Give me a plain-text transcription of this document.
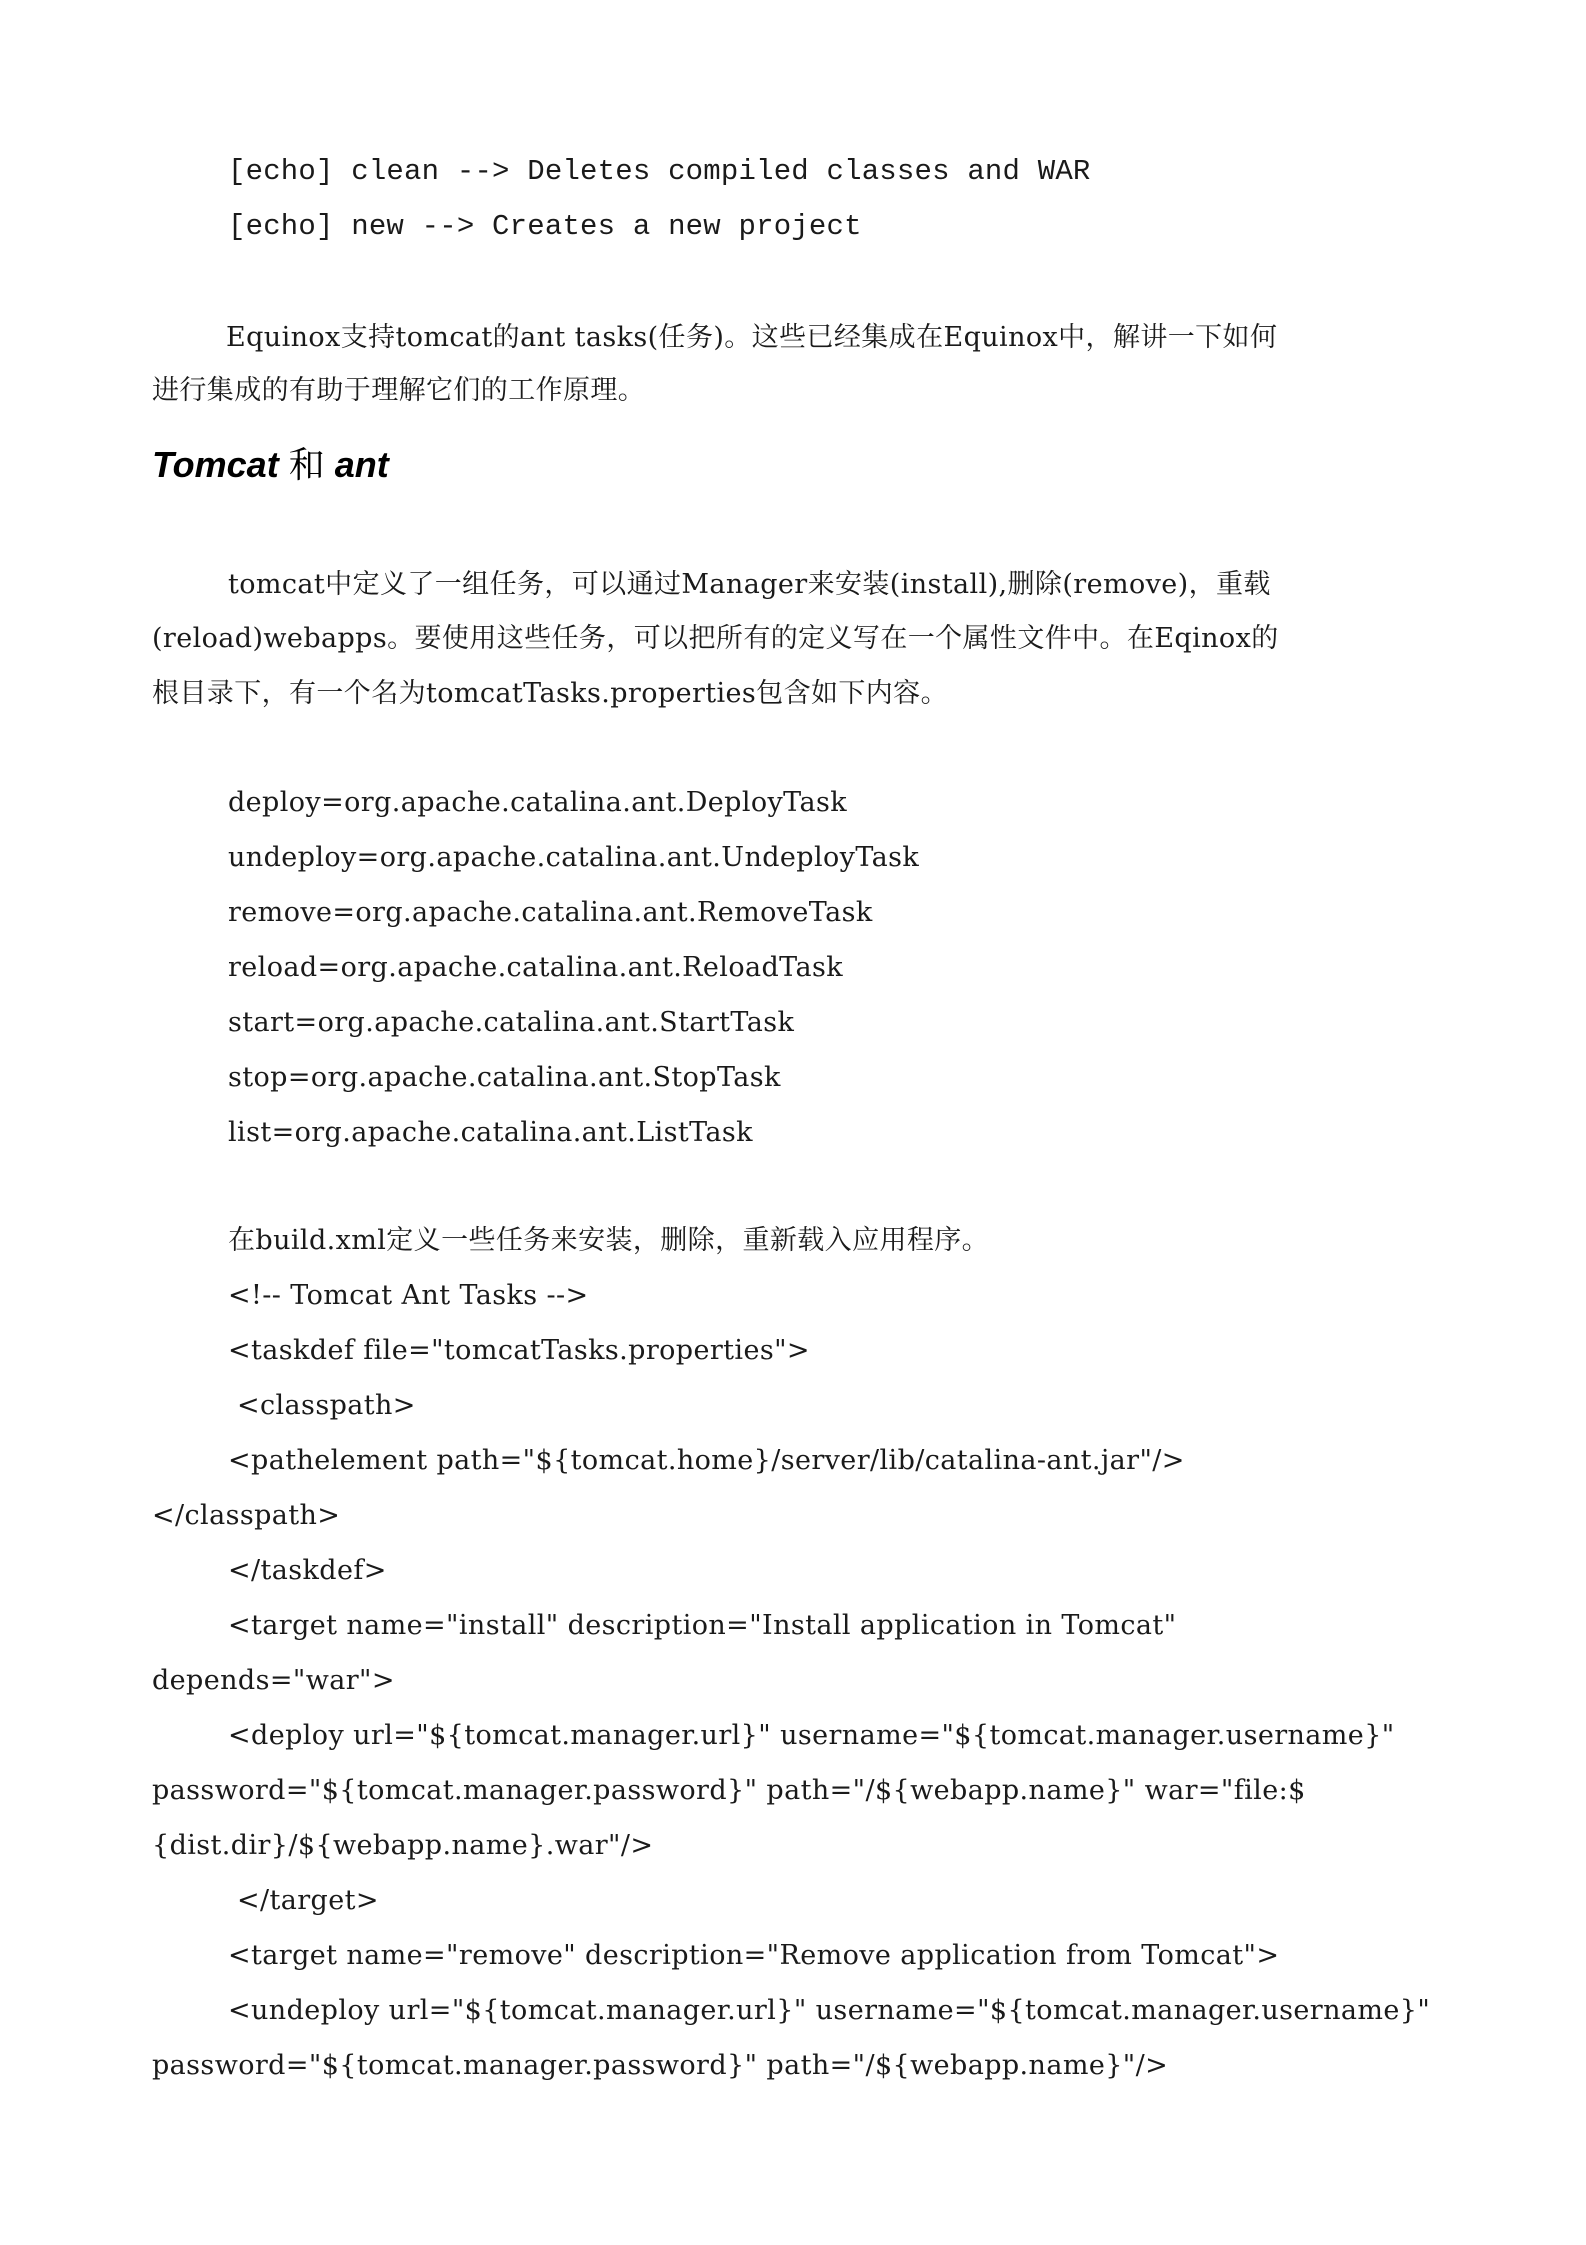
[echo] clean --> Deletes compiled classes and WAR
[echo] new --> Creates a new project
Equinox支持tomcat的ant tasks(任务)。这些已经集成在Equinox中，解讲一下如何
进行集成的有助于理解它们的工作原理。
Tomcat 和 ant
tomcat中定义了一组任务，可以通过Manager来安装(install),删除(remove)，重载
(reload)webapps。要使用这些任务，可以把所有的定义写在一个属性文件中。在Eqinox的
根目录下，有一个名为tomcatTasks.properties包含如下内容。
deploy=org.apache.catalina.ant.DeployTask
undeploy=org.apache.catalina.ant.UndeployTask
remove=org.apache.catalina.ant.RemoveTask
reload=org.apache.catalina.ant.ReloadTask
start=org.apache.catalina.ant.StartTask
stop=org.apache.catalina.ant.StopTask
list=org.apache.catalina.ant.ListTask
在build.xml定义一些任务来安装，删除，重新载入应用程序。
<!-- Tomcat Ant Tasks -->
<taskdef file="tomcatTasks.properties">
<classpath>
<pathelement path="${tomcat.home}/server/lib/catalina-ant.jar"/>
</classpath>
</taskdef>
<target name="install" description="Install application in Tomcat"
depends="war">
<deploy url="${tomcat.manager.url}" username="${tomcat.manager.username}"
password="${tomcat.manager.password}" path="/${webapp.name}" war="file:$
{dist.dir}/${webapp.name}.war"/>
</target>
<target name="remove" description="Remove application from Tomcat">
<undeploy url="${tomcat.manager.url}" username="${tomcat.manager.username}"
password="${tomcat.manager.password}" path="/${webapp.name}"/>
